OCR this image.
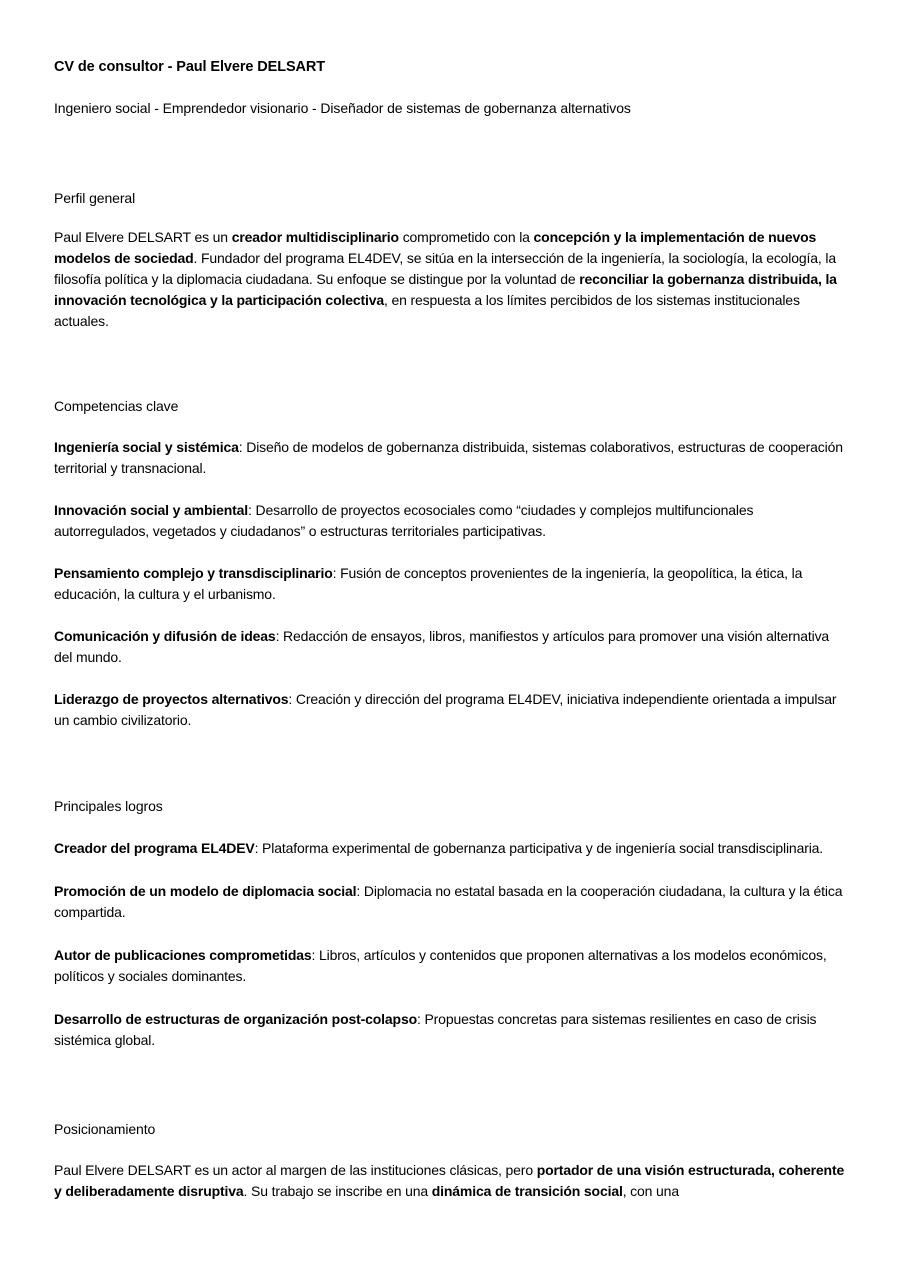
CV de consultor - Paul Elvere DELSART

Ingeniero social - Emprendedor visionario - Diseñador de sistemas de gobernanza alternativos

Perfil general

Paul Elvere DELSART es un creador multidisciplinario comprometido con la concepción y la implementación de nuevos modelos de sociedad. Fundador del programa EL4DEV, se sitúa en la intersección de la ingeniería, la sociología, la ecología, la filosofía política y la diplomacia ciudadana. Su enfoque se distingue por la voluntad de reconciliar la gobernanza distribuida, la innovación tecnológica y la participación colectiva, en respuesta a los límites percibidos de los sistemas institucionales actuales.

Competencias clave

Ingeniería social y sistémica: Diseño de modelos de gobernanza distribuida, sistemas colaborativos, estructuras de cooperación territorial y transnacional.

Innovación social y ambiental: Desarrollo de proyectos ecosociales como “ciudades y complejos multifuncionales autorregulados, vegetados y ciudadanos” o estructuras territoriales participativas.

Pensamiento complejo y transdisciplinario: Fusión de conceptos provenientes de la ingeniería, la geopolítica, la ética, la educación, la cultura y el urbanismo.

Comunicación y difusión de ideas: Redacción de ensayos, libros, manifiestos y artículos para promover una visión alternativa del mundo.

Liderazgo de proyectos alternativos: Creación y dirección del programa EL4DEV, iniciativa independiente orientada a impulsar un cambio civilizatorio.

Principales logros

Creador del programa EL4DEV: Plataforma experimental de gobernanza participativa y de ingeniería social transdisciplinaria.

Promoción de un modelo de diplomacia social: Diplomacia no estatal basada en la cooperación ciudadana, la cultura y la ética compartida.

Autor de publicaciones comprometidas: Libros, artículos y contenidos que proponen alternativas a los modelos económicos, políticos y sociales dominantes.

Desarrollo de estructuras de organización post-colapso: Propuestas concretas para sistemas resilientes en caso de crisis sistémica global.

Posicionamiento

Paul Elvere DELSART es un actor al margen de las instituciones clásicas, pero portador de una visión estructurada, coherente y deliberadamente disruptiva. Su trabajo se inscribe en una dinámica de transición social, con una
